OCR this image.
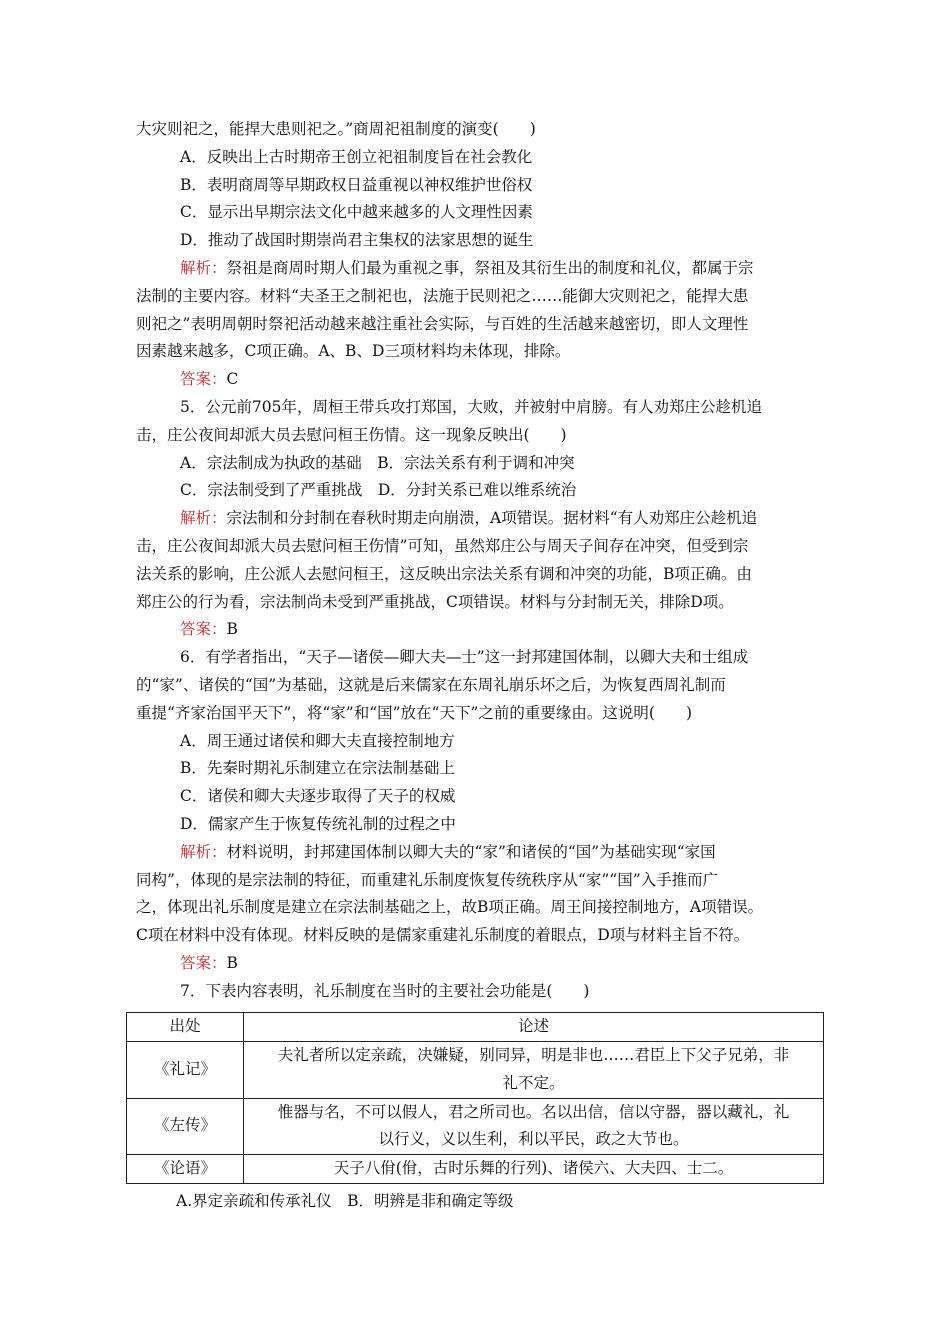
大灾则祀之，能捍大患则祀之。”商周祀祖制度的演变(　　)
A．反映出上古时期帝王创立祀祖制度旨在社会教化
B．表明商周等早期政权日益重视以神权维护世俗权
C．显示出早期宗法文化中越来越多的人文理性因素
D．推动了战国时期崇尚君主集权的法家思想的诞生
解析：祭祖是商周时期人们最为重视之事，祭祖及其衍生出的制度和礼仪，都属于宗
法制的主要内容。材料“夫圣王之制祀也，法施于民则祀之……能御大灾则祀之，能捍大患
则祀之”表明周朝时祭祀活动越来越注重社会实际，与百姓的生活越来越密切，即人文理性
因素越来越多，C项正确。A、B、D三项材料均未体现，排除。
答案：C
5．公元前705年，周桓王带兵攻打郑国，大败，并被射中肩膀。有人劝郑庄公趁机追
击，庄公夜间却派大员去慰问桓王伤情。这一现象反映出(　　)
A．宗法制成为执政的基础　B．宗法关系有利于调和冲突
C．宗法制受到了严重挑战　D．分封关系已难以维系统治
解析：宗法制和分封制在春秋时期走向崩溃，A项错误。据材料“有人劝郑庄公趁机追
击，庄公夜间却派大员去慰问桓王伤情”可知，虽然郑庄公与周天子间存在冲突，但受到宗
法关系的影响，庄公派人去慰问桓王，这反映出宗法关系有调和冲突的功能，B项正确。由
郑庄公的行为看，宗法制尚未受到严重挑战，C项错误。材料与分封制无关，排除D项。
答案：B
6．有学者指出，“天子—诸侯—卿大夫—士”这一封邦建国体制，以卿大夫和士组成
的“家”、诸侯的“国”为基础，这就是后来儒家在东周礼崩乐坏之后，为恢复西周礼制而
重提“齐家治国平天下”，将“家”和“国”放在“天下”之前的重要缘由。这说明(　　)
A．周王通过诸侯和卿大夫直接控制地方
B．先秦时期礼乐制建立在宗法制基础上
C．诸侯和卿大夫逐步取得了天子的权威
D．儒家产生于恢复传统礼制的过程之中
解析：材料说明，封邦建国体制以卿大夫的“家”和诸侯的“国”为基础实现“家国
同构”，体现的是宗法制的特征，而重建礼乐制度恢复传统秩序从“家”“国”入手推而广
之，体现出礼乐制度是建立在宗法制基础之上，故B项正确。周王间接控制地方，A项错误。
C项在材料中没有体现。材料反映的是儒家重建礼乐制度的着眼点，D项与材料主旨不符。
答案：B
7．下表内容表明，礼乐制度在当时的主要社会功能是(　　)
出处	论述
《礼记》	夫礼者所以定亲疏，决嫌疑，别同异，明是非也……君臣上下父子兄弟，非
礼不定。

《左传》	惟器与名，不可以假人，君之所司也。名以出信，信以守器，器以藏礼，礼
以行义，义以生利，利以平民，政之大节也。

《论语》	天子八佾(佾，古时乐舞的行列)、诸侯六、大夫四、士二。
A.界定亲疏和传承礼仪　B．明辨是非和确定等级
